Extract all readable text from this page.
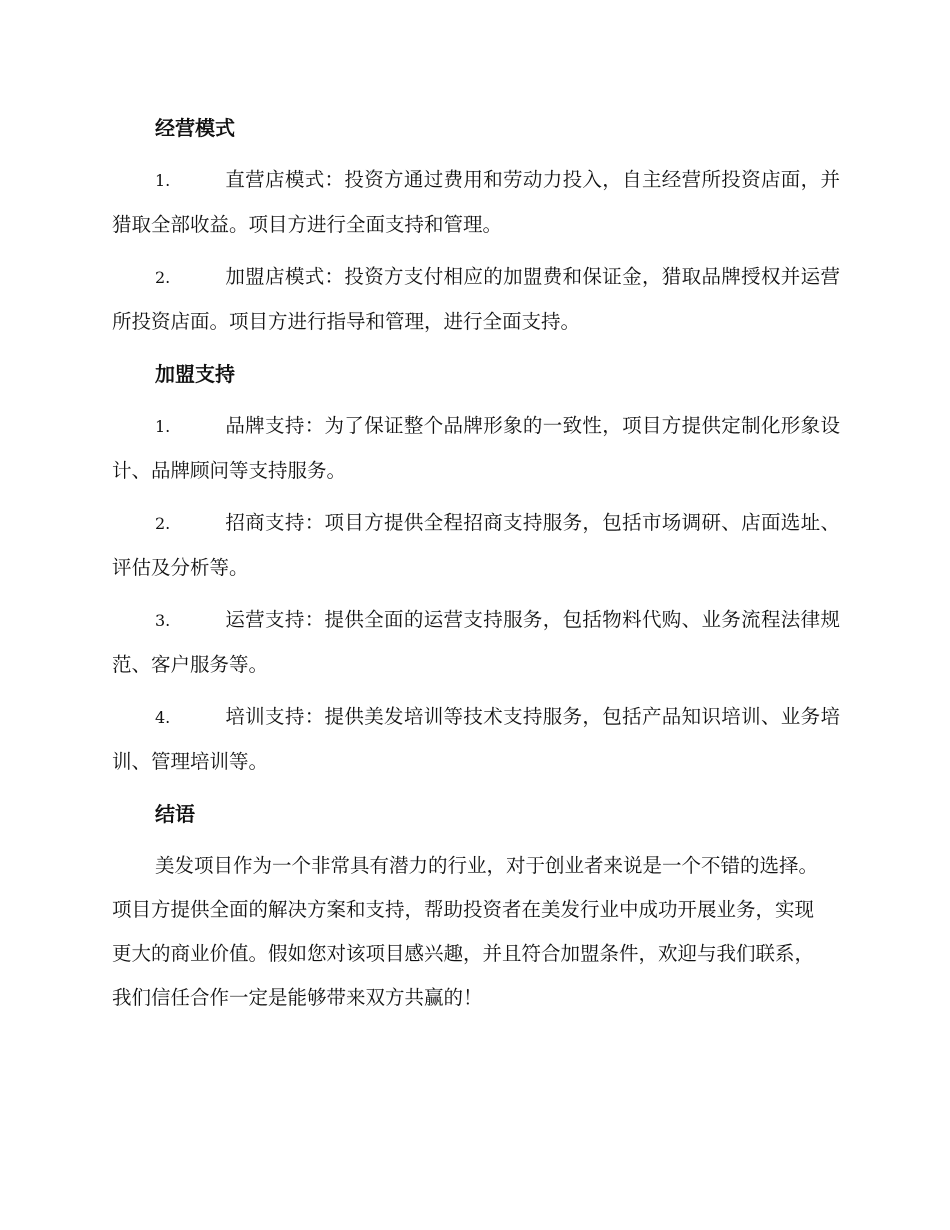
经营模式
1.	直营店模式：投资方通过费用和劳动力投入，自主经营所投资店面，并猎取全部收益。项目方进行全面支持和管理。
2.	加盟店模式：投资方支付相应的加盟费和保证金，猎取品牌授权并运营所投资店面。项目方进行指导和管理，进行全面支持。
加盟支持
1.	品牌支持：为了保证整个品牌形象的一致性，项目方提供定制化形象设计、品牌顾问等支持服务。
2.	招商支持：项目方提供全程招商支持服务，包括市场调研、店面选址、评估及分析等。
3.	运营支持：提供全面的运营支持服务，包括物料代购、业务流程法律规范、客户服务等。
4.	培训支持：提供美发培训等技术支持服务，包括产品知识培训、业务培训、管理培训等。
结语

美发项目作为一个非常具有潜力的行业，对于创业者来说是一个不错的选择。项目方提供全面的解决方案和支持，帮助投资者在美发行业中成功开展业务，实现更大的商业价值。假如您对该项目感兴趣，并且符合加盟条件，欢迎与我们联系，我们信任合作一定是能够带来双方共赢的！
